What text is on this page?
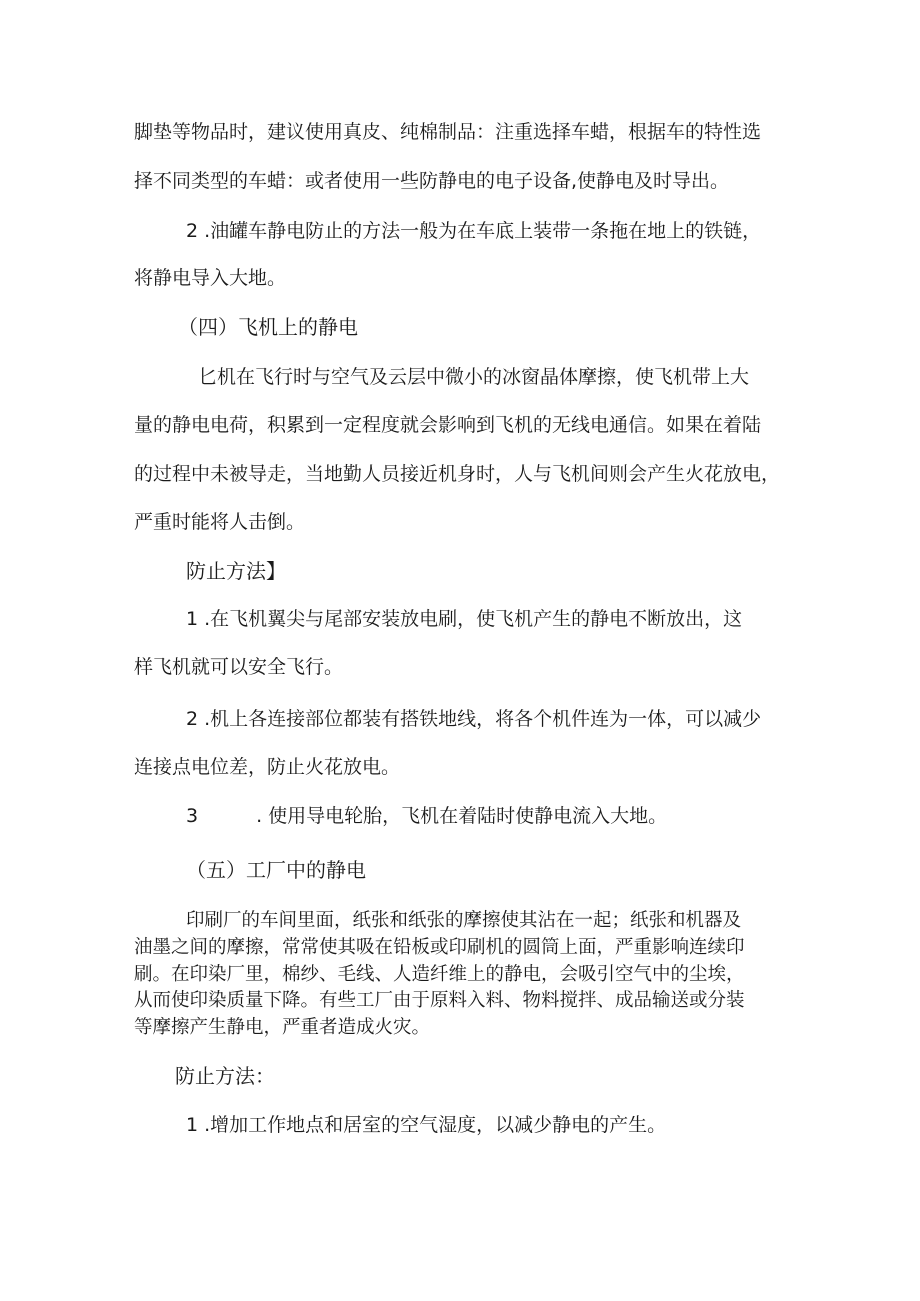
脚垫等物品时，建议使用真皮、纯棉制品：注重选择车蜡，根据车的特性选
择不同类型的车蜡：或者使用一些防静电的电子设备,使静电及时导出。
2 .油罐车静电防止的方法一般为在车底上装带一条拖在地上的铁链，
将静电导入大地。
（四）飞机上的静电
匕机在飞行时与空气及云层中微小的冰窗晶体摩擦，使飞机带上大
量的静电电荷，积累到一定程度就会影响到飞机的无线电通信。如果在着陆
的过程中未被导走，当地勤人员接近机身时，人与飞机间则会产生火花放电，
严重时能将人击倒。
防止方法】
1 .在飞机翼尖与尾部安装放电刷，使飞机产生的静电不断放出，这
样飞机就可以安全飞行。
2 .机上各连接部位都装有搭铁地线，将各个机件连为一体，可以减少
连接点电位差，防止火花放电。
3	. 使用导电轮胎，飞机在着陆时使静电流入大地。
（五）工厂中的静电
印刷厂的车间里面，纸张和纸张的摩擦使其沾在一起；纸张和机器及
油墨之间的摩擦，常常使其吸在铅板或印刷机的圆筒上面，严重影响连续印
刷。在印染厂里，棉纱、毛线、人造纤维上的静电，会吸引空气中的尘埃，
从而使印染质量下降。有些工厂由于原料入料、物料搅拌、成品输送或分装
等摩擦产生静电，严重者造成火灾。
防止方法：
1 .增加工作地点和居室的空气湿度，以减少静电的产生。
